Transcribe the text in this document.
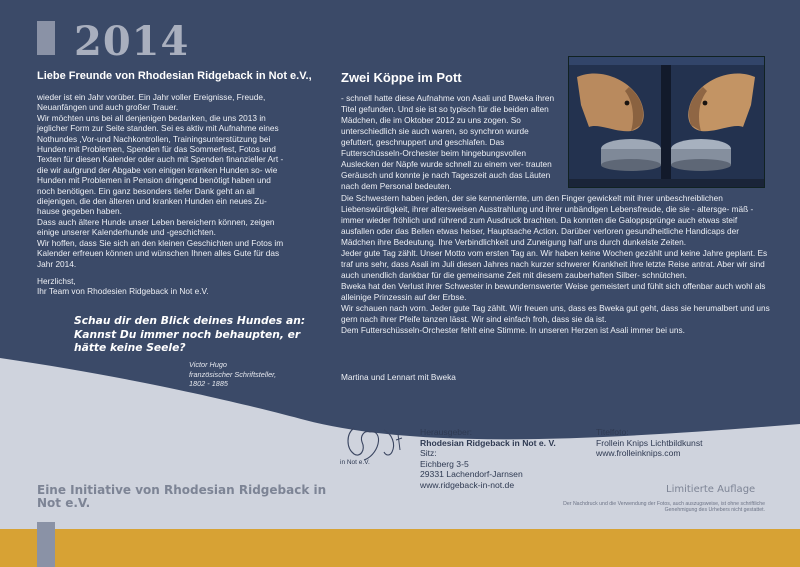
2014
Liebe Freunde von Rhodesian Ridgeback in Not e.V.,

wieder ist ein Jahr vorüber. Ein Jahr voller Ereignisse, Freude, Neuanfängen und auch großer Trauer.

Wir möchten uns bei all denjenigen bedanken, die uns 2013 in jeglicher Form zur Seite standen. Sei es aktiv mit Aufnahme eines Nothundes ,Vor-und Nachkontrollen, Trainingsunterstützung bei Hunden mit Problemen, Spenden für das Sommerfest, Fotos und Texten für diesen Kalender oder auch mit Spenden finanzieller Art - die wir aufgrund der Abgabe von einigen kranken Hunden so- wie Hunden mit Problemen in Pension dringend benötigt haben und noch benötigen. Ein ganz besonders tiefer Dank geht an all diejenigen, die den älteren und kranken Hunden ein neues Zu- hause gegeben haben.

Dass auch ältere Hunde unser Leben bereichern können, zeigen einige unserer Kalenderhunde und -geschichten.

Wir hoffen, dass Sie sich an den kleinen Geschichten und Fotos im Kalender erfreuen können und wünschen Ihnen alles Gute für das Jahr 2014.

Herzlichst,
Ihr Team von Rhodesien Ridgeback in Not e.V.
Schau dir den Blick deines Hundes an: Kannst Du immer noch behaupten, er hätte keine Seele?
Victor Hugo
französischer Schriftsteller,
1802 - 1885
Zwei Köppe im Pott
- schnell hatte diese Aufnahme von Asali und Bweka ihren Titel gefunden. Und sie ist so typisch für die beiden alten Mädchen, die im Oktober 2012 zu uns zogen. So unterschiedlich sie auch waren, so synchron wurde gefuttert, geschnuppert und geschlafen. Das Futterschüsseln-Orchester beim hingebungsvollen Auslecken der Näpfe wurde schnell zu einem ver- trauten Geräusch und konnte je nach Tageszeit auch das Läuten nach dem Personal bedeuten.
Die Schwestern haben jeden, der sie kennenlernte, um den Finger gewickelt mit ihrer unbeschreiblichen Liebenswürdigkeit, ihrer altersweisen Ausstrahlung und ihrer unbändigen Lebensfreude, die sie - altersge- mäß - immer wieder fröhlich und rührend zum Ausdruck brachten. Da konnten die Galoppsprünge auch etwas steif ausfallen oder das Bellen etwas heiser, Hauptsache Action. Darüber verloren gesundheitliche Handicaps der Mädchen ihre Bedeutung. Ihre Verbindlichkeit und Zuneigung half uns durch dunkelste Zeiten.
Jeder gute Tag zählt. Unser Motto vom ersten Tag an. Wir haben keine Wochen gezählt und keine Jahre geplant. Es traf uns sehr, dass Asali im Juli diesen Jahres nach kurzer schwerer Krankheit ihre letzte Reise antrat. Aber wir sind auch unendlich dankbar für die gemeinsame Zeit mit diesem zauberhaften Silber- schnütchen.
Bweka hat den Verlust ihrer Schwester in bewundernswerter Weise gemeistert und fühlt sich offenbar auch wohl als alleinige Prinzessin auf der Erbse.
Wir schauen nach vorn. Jeder gute Tag zählt. Wir freuen uns, dass es Bweka gut geht, dass sie herumalbert und uns gern nach ihrer Pfeife tanzen lässt. Wir sind einfach froh, dass sie da ist.
Dem Futterschüsseln-Orchester fehlt eine Stimme. In unseren Herzen ist Asali immer bei uns.
Martina und Lennart mit Bweka
in Not e.V.
Herausgeber:
Rhodesian Ridgeback in Not e. V.
Sitz:
Eichberg 3-5
29331 Lachendorf-Jarnsen
www.ridgeback-in-not.de
Titelfoto:
Frollein Knips Lichtbildkunst
www.frolleinknips.com
Eine Initiative von Rhodesian Ridgeback in Not e.V.
Limitierte Auflage
Der Nachdruck und die Verwendung der Fotos, auch auszugsweise, ist ohne schriftliche Genehmigung des Urhebers nicht gestattet.
